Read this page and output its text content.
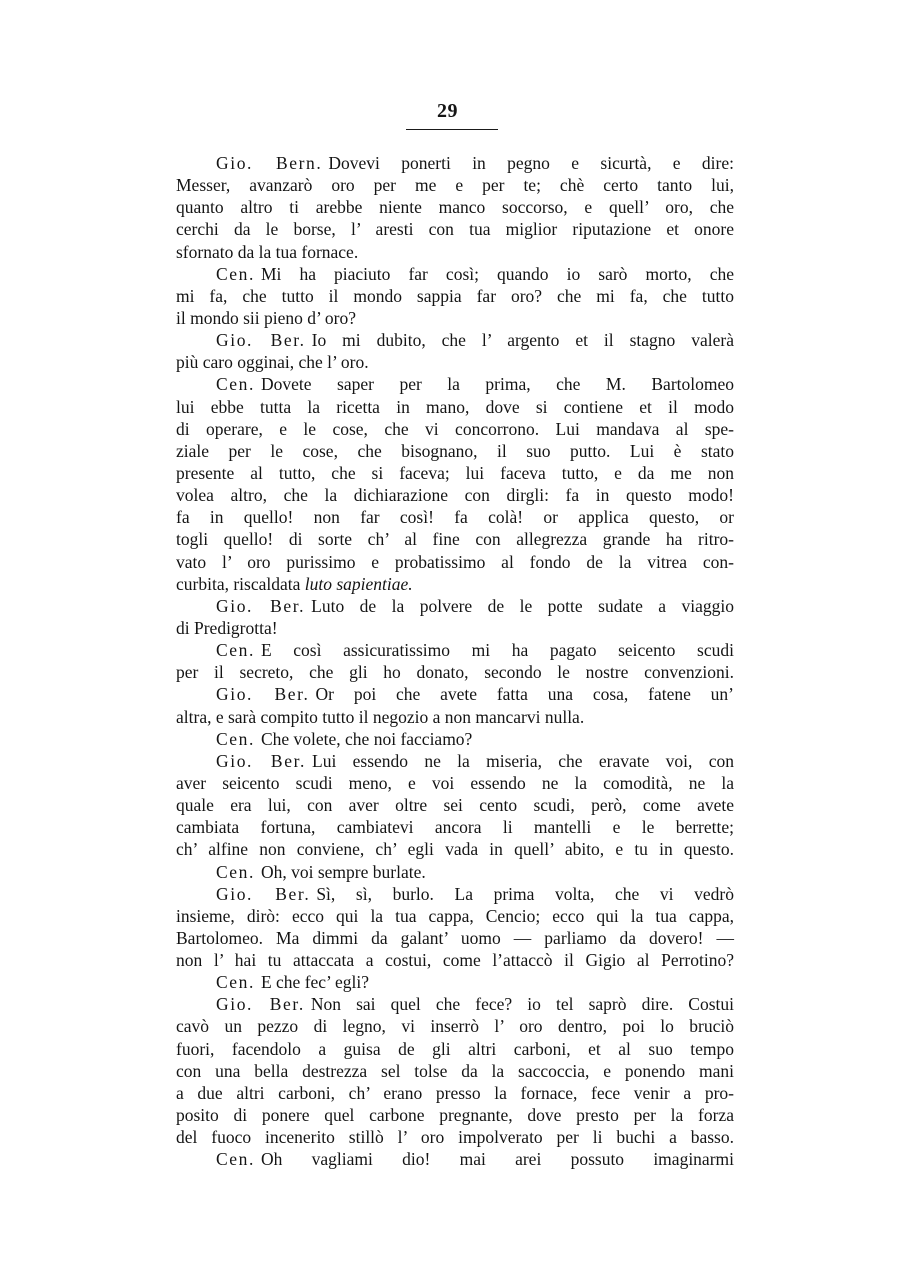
29
Gio. Bern. Dovevi ponerti in pegno e sicurtà, e dire:
Messer, avanzarò oro per me e per te; chè certo tanto lui,
quanto altro ti arebbe niente manco soccorso, e quell’ oro, che
cerchi da le borse, l’ aresti con tua miglior riputazione et onore
sfornato da la tua fornace.
Cen. Mi ha piaciuto far così; quando io sarò morto, che
mi fa, che tutto il mondo sappia far oro? che mi fa, che tutto
il mondo sii pieno d’ oro?
Gio. Ber. Io mi dubito, che l’ argento et il stagno valerà
più caro ogginai, che l’ oro.
Cen. Dovete saper per la prima, che M. Bartolomeo
lui ebbe tutta la ricetta in mano, dove si contiene et il modo
di operare, e le cose, che vi concorrono. Lui mandava al spe-
ziale per le cose, che bisognano, il suo putto. Lui è stato
presente al tutto, che si faceva; lui faceva tutto, e da me non
volea altro, che la dichiarazione con dirgli: fa in questo modo!
fa in quello! non far così! fa colà! or applica questo, or
togli quello! di sorte ch’ al fine con allegrezza grande ha ritro-
vato l’ oro purissimo e probatissimo al fondo de la vitrea con-
curbita, riscaldata luto sapientiae.
Gio. Ber. Luto de la polvere de le potte sudate a viaggio
di Predigrotta!
Cen. E così assicuratissimo mi ha pagato seicento scudi
per il secreto, che gli ho donato, secondo le nostre convenzioni.
Gio. Ber. Or poi che avete fatta una cosa, fatene un’
altra, e sarà compito tutto il negozio a non mancarvi nulla.
Cen. Che volete, che noi facciamo?
Gio. Ber. Lui essendo ne la miseria, che eravate voi, con
aver seicento scudi meno, e voi essendo ne la comodità, ne la
quale era lui, con aver oltre sei cento scudi, però, come avete
cambiata fortuna, cambiatevi ancora li mantelli e le berrette;
ch’ alfine non conviene, ch’ egli vada in quell’ abito, e tu in questo.
Cen. Oh, voi sempre burlate.
Gio. Ber. Sì, sì, burlo. La prima volta, che vi vedrò
insieme, dirò: ecco qui la tua cappa, Cencio; ecco qui la tua cappa,
Bartolomeo. Ma dimmi da galant’ uomo — parliamo da dovero! —
non l’ hai tu attaccata a costui, come l’attaccò il Gigio al Perrotino?
Cen. E che fec’ egli?
Gio. Ber. Non sai quel che fece? io tel saprò dire. Costui
cavò un pezzo di legno, vi inserrò l’ oro dentro, poi lo bruciò
fuori, facendolo a guisa de gli altri carboni, et al suo tempo
con una bella destrezza sel tolse da la saccoccia, e ponendo mani
a due altri carboni, ch’ erano presso la fornace, fece venir a pro-
posito di ponere quel carbone pregnante, dove presto per la forza
del fuoco incenerito stillò l’ oro impolverato per li buchi a basso.
Cen. Oh vagliami dio! mai arei possuto imaginarmi
